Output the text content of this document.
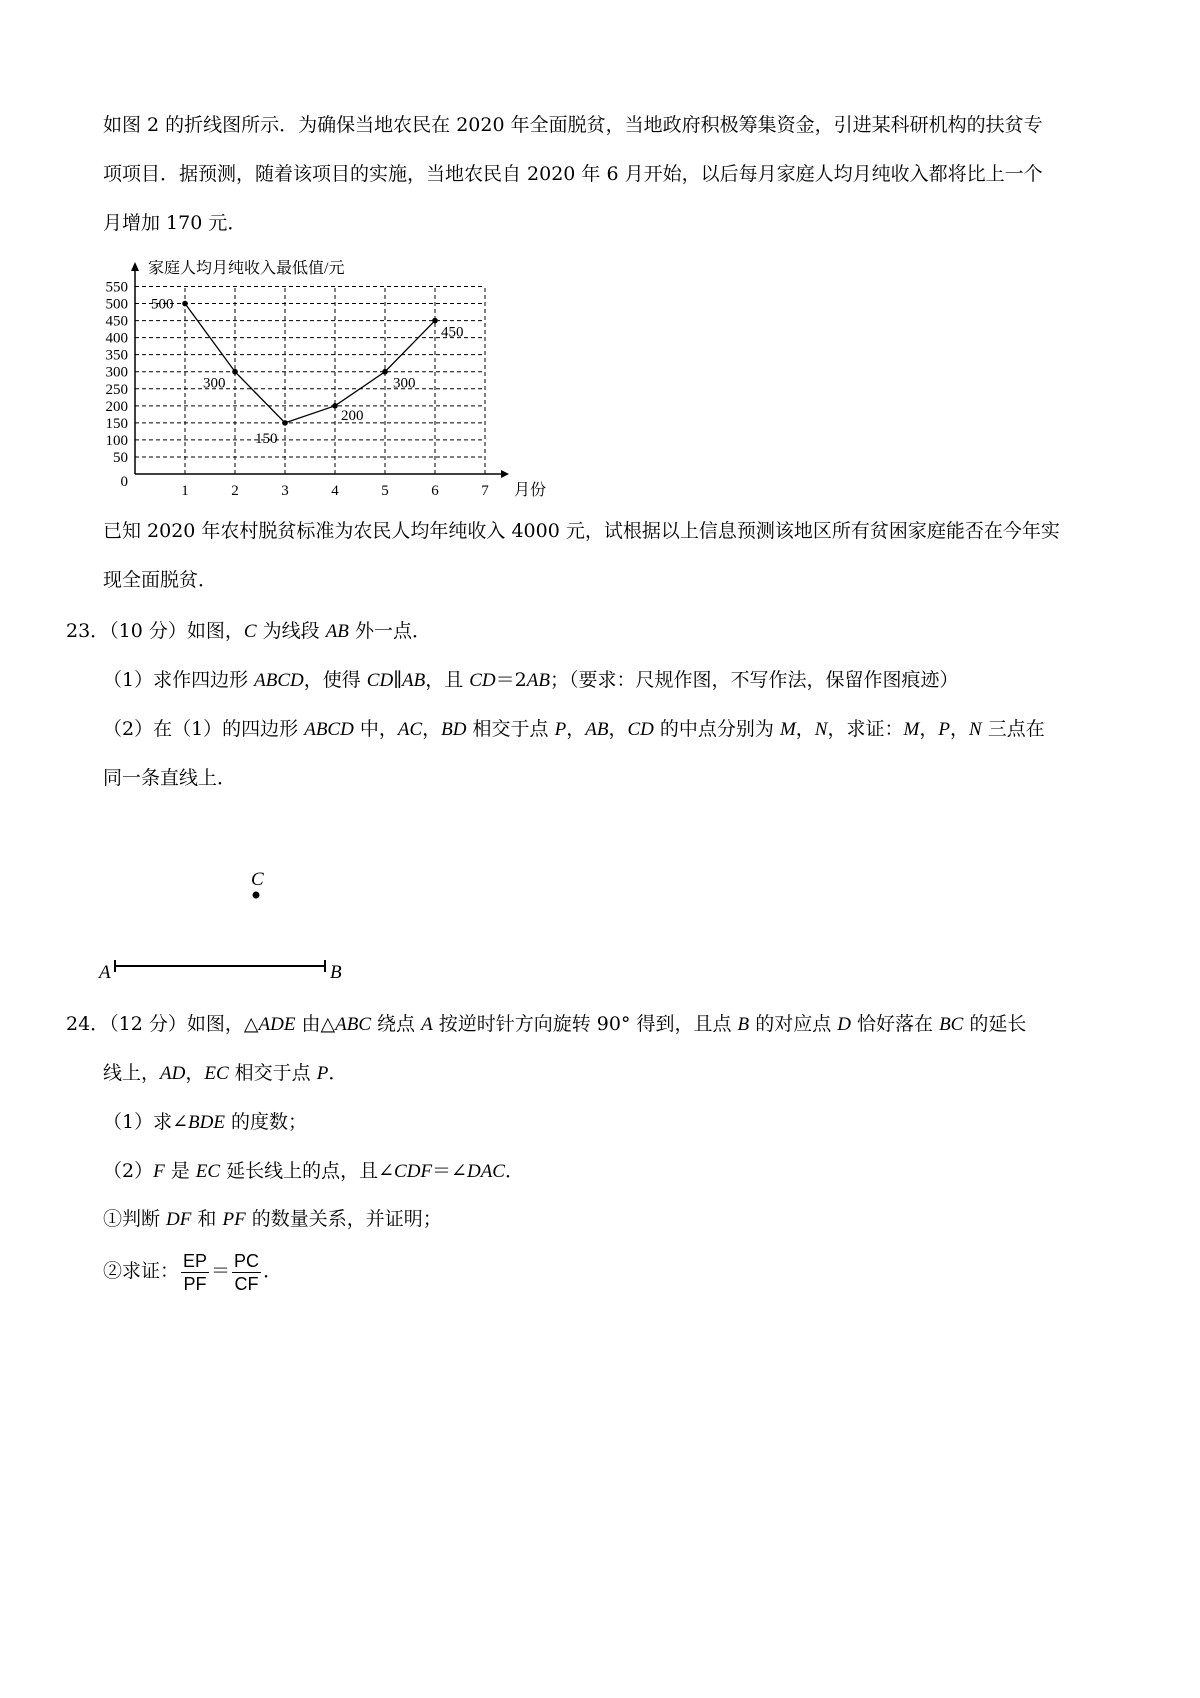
如图 2 的折线图所示．为确保当地农民在 2020 年全面脱贫，当地政府积极筹集资金，引进某科研机构的扶贫专
项项目．据预测，随着该项目的实施，当地农民自 2020 年 6 月开始，以后每月家庭人均月纯收入都将比上一个
月增加 170 元．
0
50
100
150
200
250
300
350
400
450
500
550
1	2	3	4	5	6	7
500
300
150
200
300
450
家庭人均月纯收入最低值/元
月份
已知 2020 年农村脱贫标准为农民人均年纯收入 4000 元，试根据以上信息预测该地区所有贫困家庭能否在今年实
现全面脱贫．
23．（10 分）如图，C 为线段 AB 外一点．
（1）求作四边形 ABCD，使得 CD∥AB，且 CD＝2AB；（要求：尺规作图，不写作法，保留作图痕迹）
（2）在（1）的四边形 ABCD 中，AC，BD 相交于点 P，AB，CD 的中点分别为 M，N，求证：M，P，N 三点在
同一条直线上．
C
A	B
24．（12 分）如图，△ADE 由△ABC 绕点 A 按逆时针方向旋转 90° 得到，且点 B 的对应点 D 恰好落在 BC 的延长
线上，AD，EC 相交于点 P．
（1）求∠BDE 的度数；
（2）F 是 EC 延长线上的点，且∠CDF＝∠DAC．
①判断 DF 和 PF 的数量关系，并证明；
②求证： $\frac{EP}{PF} = \frac{PC}{CF}$ ．
